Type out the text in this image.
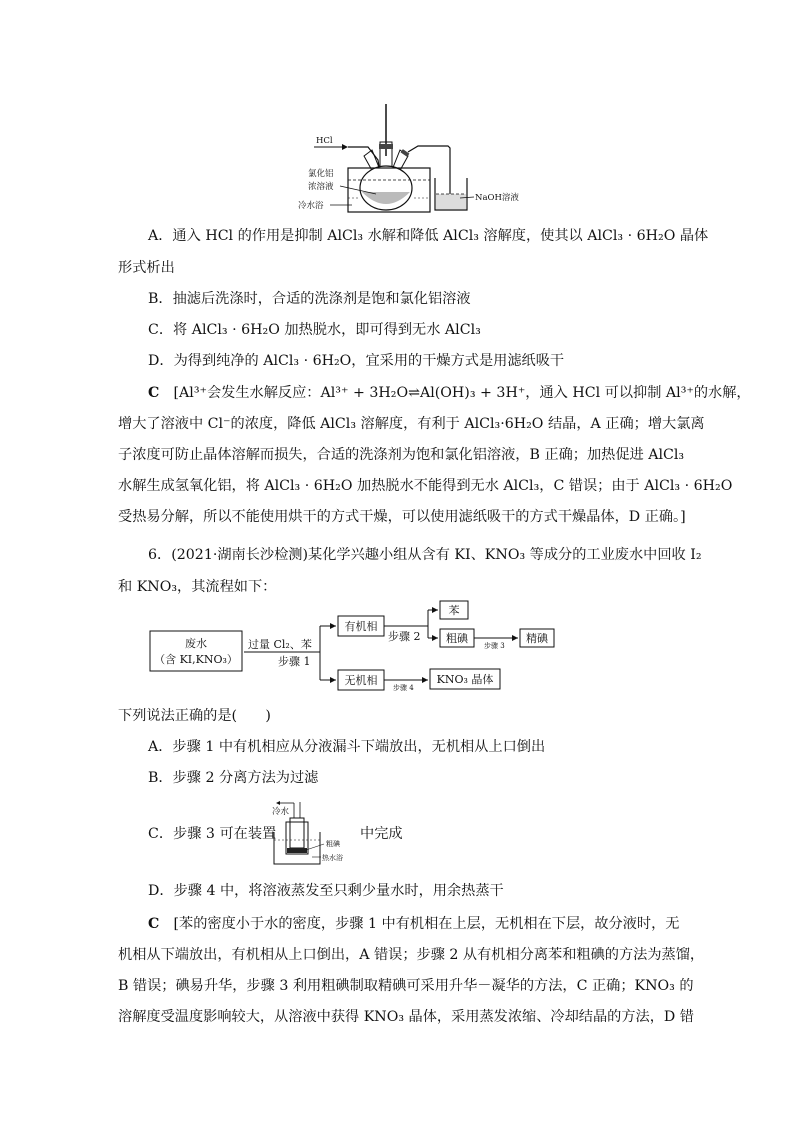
HCl
氯化铝
浓溶液
冷水浴
NaOH溶液
A．通入 HCl 的作用是抑制 AlCl₃ 水解和降低 AlCl₃ 溶解度，使其以 AlCl₃ · 6H₂O 晶体
形式析出
B．抽滤后洗涤时，合适的洗涤剂是饱和氯化铝溶液
C．将 AlCl₃ · 6H₂O 加热脱水，即可得到无水 AlCl₃
D．为得到纯净的 AlCl₃ · 6H₂O，宜采用的干燥方式是用滤纸吸干
C　 [Al³⁺会发生水解反应：Al³⁺ + 3H₂O⇌Al(OH)₃ + 3H⁺，通入 HCl 可以抑制 Al³⁺的水解，
增大了溶液中 Cl⁻的浓度，降低 AlCl₃ 溶解度，有利于 AlCl₃·6H₂O 结晶，A 正确；增大氯离
子浓度可防止晶体溶解而损失，合适的洗涤剂为饱和氯化铝溶液，B 正确；加热促进 AlCl₃
水解生成氢氧化铝，将 AlCl₃ · 6H₂O 加热脱水不能得到无水 AlCl₃，C 错误；由于 AlCl₃ · 6H₂O
受热易分解，所以不能使用烘干的方式干燥，可以使用滤纸吸干的方式干燥晶体，D 正确。]
6．(2021·湖南长沙检测)某化学兴趣小组从含有 KI、KNO₃ 等成分的工业废水中回收 I₂
和 KNO₃，其流程如下：
废水
（含 KI,KNO₃）
过量 Cl₂、苯
步骤 1
有机相
步骤 2
苯
粗碘
步骤 3
精碘
无机相
步骤 4
KNO₃ 晶体
下列说法正确的是(　　)
A．步骤 1 中有机相应从分液漏斗下端放出，无机相从上口倒出
B．步骤 2 分离方法为过滤
C．步骤 3 可在装置
冷水
粗碘
热水浴
中完成
D．步骤 4 中，将溶液蒸发至只剩少量水时，用余热蒸干
C　 [苯的密度小于水的密度，步骤 1 中有机相在上层，无机相在下层，故分液时，无
机相从下端放出，有机相从上口倒出，A 错误；步骤 2 从有机相分离苯和粗碘的方法为蒸馏，
B 错误；碘易升华，步骤 3 利用粗碘制取精碘可采用升华－凝华的方法，C 正确；KNO₃ 的
溶解度受温度影响较大，从溶液中获得 KNO₃ 晶体，采用蒸发浓缩、冷却结晶的方法，D 错
